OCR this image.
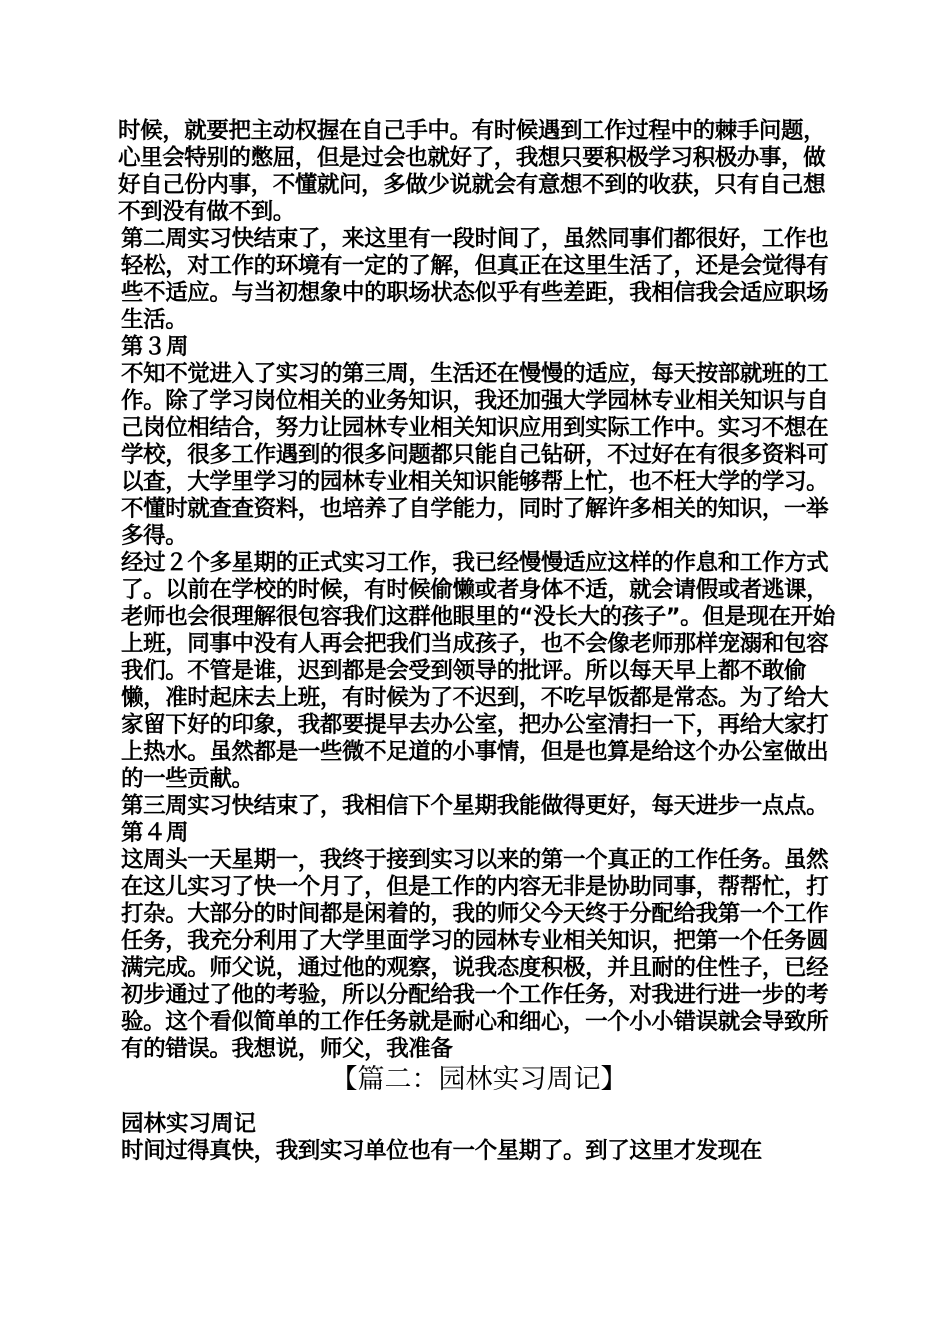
时候，就要把主动权握在自己手中。有时候遇到工作过程中的棘手问题，心里会特别的憋屈，但是过会也就好了，我想只要积极学习积极办事，做好自己份内事，不懂就问，多做少说就会有意想不到的收获，只有自己想不到没有做不到。

第二周实习快结束了，来这里有一段时间了，虽然同事们都很好，工作也轻松，对工作的环境有一定的了解，但真正在这里生活了，还是会觉得有些不适应。与当初想象中的职场状态似乎有些差距，我相信我会适应职场生活。

第３周

不知不觉进入了实习的第三周，生活还在慢慢的适应，每天按部就班的工作。除了学习岗位相关的业务知识，我还加强大学园林专业相关知识与自己岗位相结合，努力让园林专业相关知识应用到实际工作中。实习不想在学校，很多工作遇到的很多问题都只能自己钻研，不过好在有很多资料可以查，大学里学习的园林专业相关知识能够帮上忙，也不枉大学的学习。不懂时就查查资料，也培养了自学能力，同时了解许多相关的知识，一举多得。

经过２个多星期的正式实习工作，我已经慢慢适应这样的作息和工作方式了。以前在学校的时候，有时候偷懒或者身体不适，就会请假或者逃课，老师也会很理解很包容我们这群他眼里的“没长大的孩子”。但是现在开始上班，同事中没有人再会把我们当成孩子，也不会像老师那样宠溺和包容我们。不管是谁，迟到都是会受到领导的批评。所以每天早上都不敢偷懒，准时起床去上班，有时候为了不迟到，不吃早饭都是常态。为了给大家留下好的印象，我都要提早去办公室，把办公室清扫一下，再给大家打上热水。虽然都是一些微不足道的小事情，但是也算是给这个办公室做出的一些贡献。

第三周实习快结束了，我相信下个星期我能做得更好，每天进步一点点。

第４周

这周头一天星期一，我终于接到实习以来的第一个真正的工作任务。虽然在这儿实习了快一个月了，但是工作的内容无非是协助同事，帮帮忙，打打杂。大部分的时间都是闲着的，我的师父今天终于分配给我第一个工作任务，我充分利用了大学里面学习的园林专业相关知识，把第一个任务圆满完成。师父说，通过他的观察，说我态度积极，并且耐的住性子，已经初步通过了他的考验，所以分配给我一个工作任务，对我进行进一步的考验。这个看似简单的工作任务就是耐心和细心，一个小小错误就会导致所有的错误。我想说，师父，我准备

【篇二：园林实习周记】

园林实习周记

时间过得真快，我到实习单位也有一个星期了。到了这里才发现在
